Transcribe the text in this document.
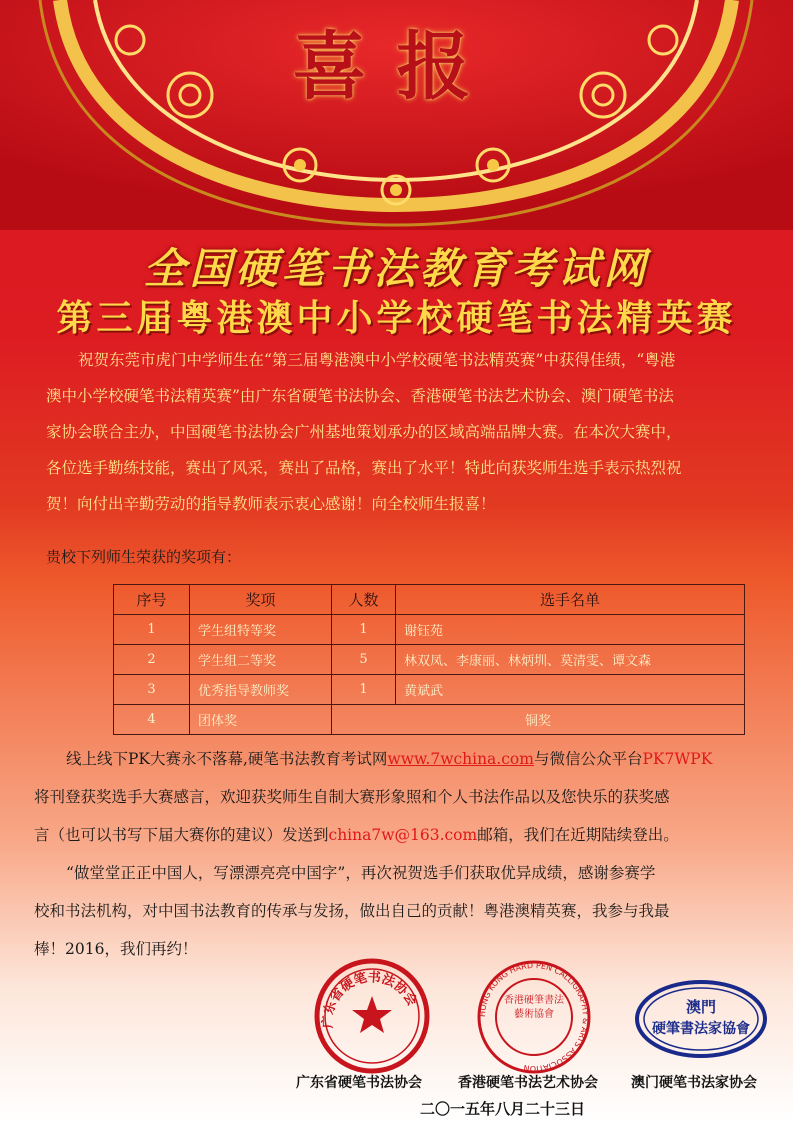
喜报
全国硬笔书法教育考试网
第三届粤港澳中小学校硬笔书法精英赛
祝贺东莞市虎门中学师生在“第三届粤港澳中小学校硬笔书法精英赛”中获得佳绩，“粤港
澳中小学校硬笔书法精英赛”由广东省硬笔书法协会、香港硬笔书法艺术协会、澳门硬笔书法
家协会联合主办，中国硬笔书法协会广州基地策划承办的区域高端品牌大赛。在本次大赛中，
各位选手勤练技能，赛出了风采，赛出了品格，赛出了水平！特此向获奖师生选手表示热烈祝
贺！向付出辛勤劳动的指导教师表示衷心感谢！向全校师生报喜！
贵校下列师生荣获的奖项有：
序号	奖项	人数	选手名单
1	学生组特等奖	1	谢钰苑
2	学生组二等奖	5	林双凤、李康丽、林炳圳、莫清雯、谭文森
3	优秀指导教师奖	1	黄斌武
4	团体奖	铜奖	
线上线下PK大赛永不落幕,硬笔书法教育考试网www.7wchina.com与微信公众平台PK7WPK
将刊登获奖选手大赛感言，欢迎获奖师生自制大赛形象照和个人书法作品以及您快乐的获奖感
言（也可以书写下届大赛你的建议）发送到china7w@163.com邮箱，我们在近期陆续登出。
“做堂堂正正中国人，写漂漂亮亮中国字”，再次祝贺选手们获取优异成绩，感谢参赛学
校和书法机构，对中国书法教育的传承与发扬，做出自己的贡献！粤港澳精英赛，我参与我最
棒！2016，我们再约！
广东省硬笔书法协会
HONG KONG HARD PEN CALLIGRAPHY & ARTS ASSOCIATION
香港硬筆書法藝術協會	澳門
硬筆書法家協會
广东省硬笔书法协会	香港硬笔书法艺术协会 澳门硬笔书法家协会
二〇一五年八月二十三日
